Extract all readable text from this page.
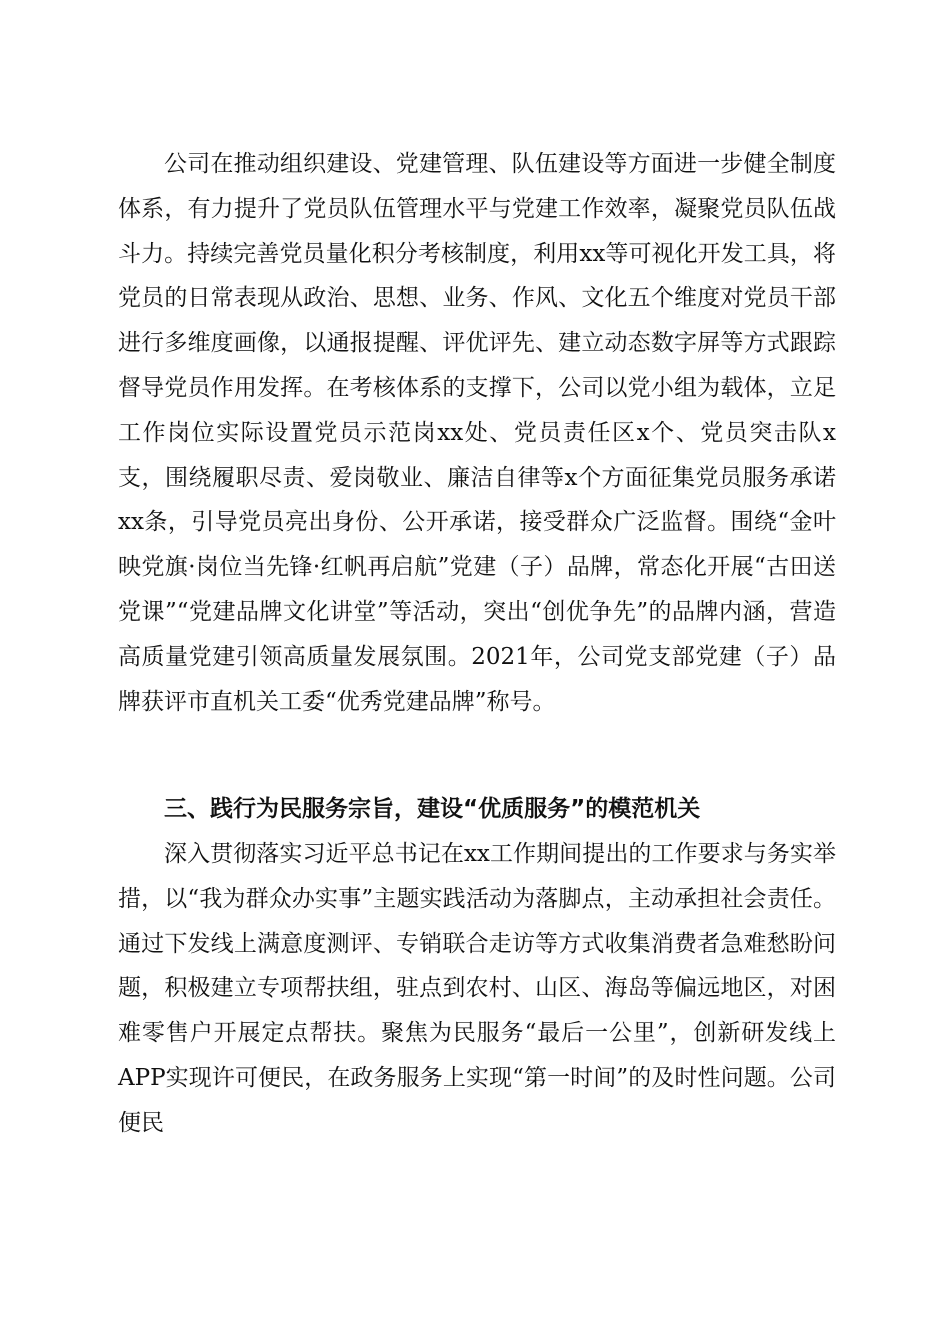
公司在推动组织建设、党建管理、队伍建设等方面进一步健全制度体系，有力提升了党员队伍管理水平与党建工作效率，凝聚党员队伍战斗力。持续完善党员量化积分考核制度，利用xx等可视化开发工具，将党员的日常表现从政治、思想、业务、作风、文化五个维度对党员干部进行多维度画像，以通报提醒、评优评先、建立动态数字屏等方式跟踪督导党员作用发挥。在考核体系的支撑下，公司以党小组为载体，立足工作岗位实际设置党员示范岗xx处、党员责任区x个、党员突击队x支，围绕履职尽责、爱岗敬业、廉洁自律等x个方面征集党员服务承诺xx条，引导党员亮出身份、公开承诺，接受群众广泛监督。围绕“金叶映党旗·岗位当先锋·红帆再启航”党建（子）品牌，常态化开展“古田送党课”“党建品牌文化讲堂”等活动，突出“创优争先”的品牌内涵，营造高质量党建引领高质量发展氛围。2021年，公司党支部党建（子）品牌获评市直机关工委“优秀党建品牌”称号。

三、践行为民服务宗旨，建设“优质服务”的模范机关

深入贯彻落实习近平总书记在xx工作期间提出的工作要求与务实举措，以“我为群众办实事”主题实践活动为落脚点，主动承担社会责任。通过下发线上满意度测评、专销联合走访等方式收集消费者急难愁盼问题，积极建立专项帮扶组，驻点到农村、山区、海岛等偏远地区，对困难零售户开展定点帮扶。聚焦为民服务“最后一公里”，创新研发线上APP实现许可便民，在政务服务上实现“第一时间”的及时性问题。公司便民
